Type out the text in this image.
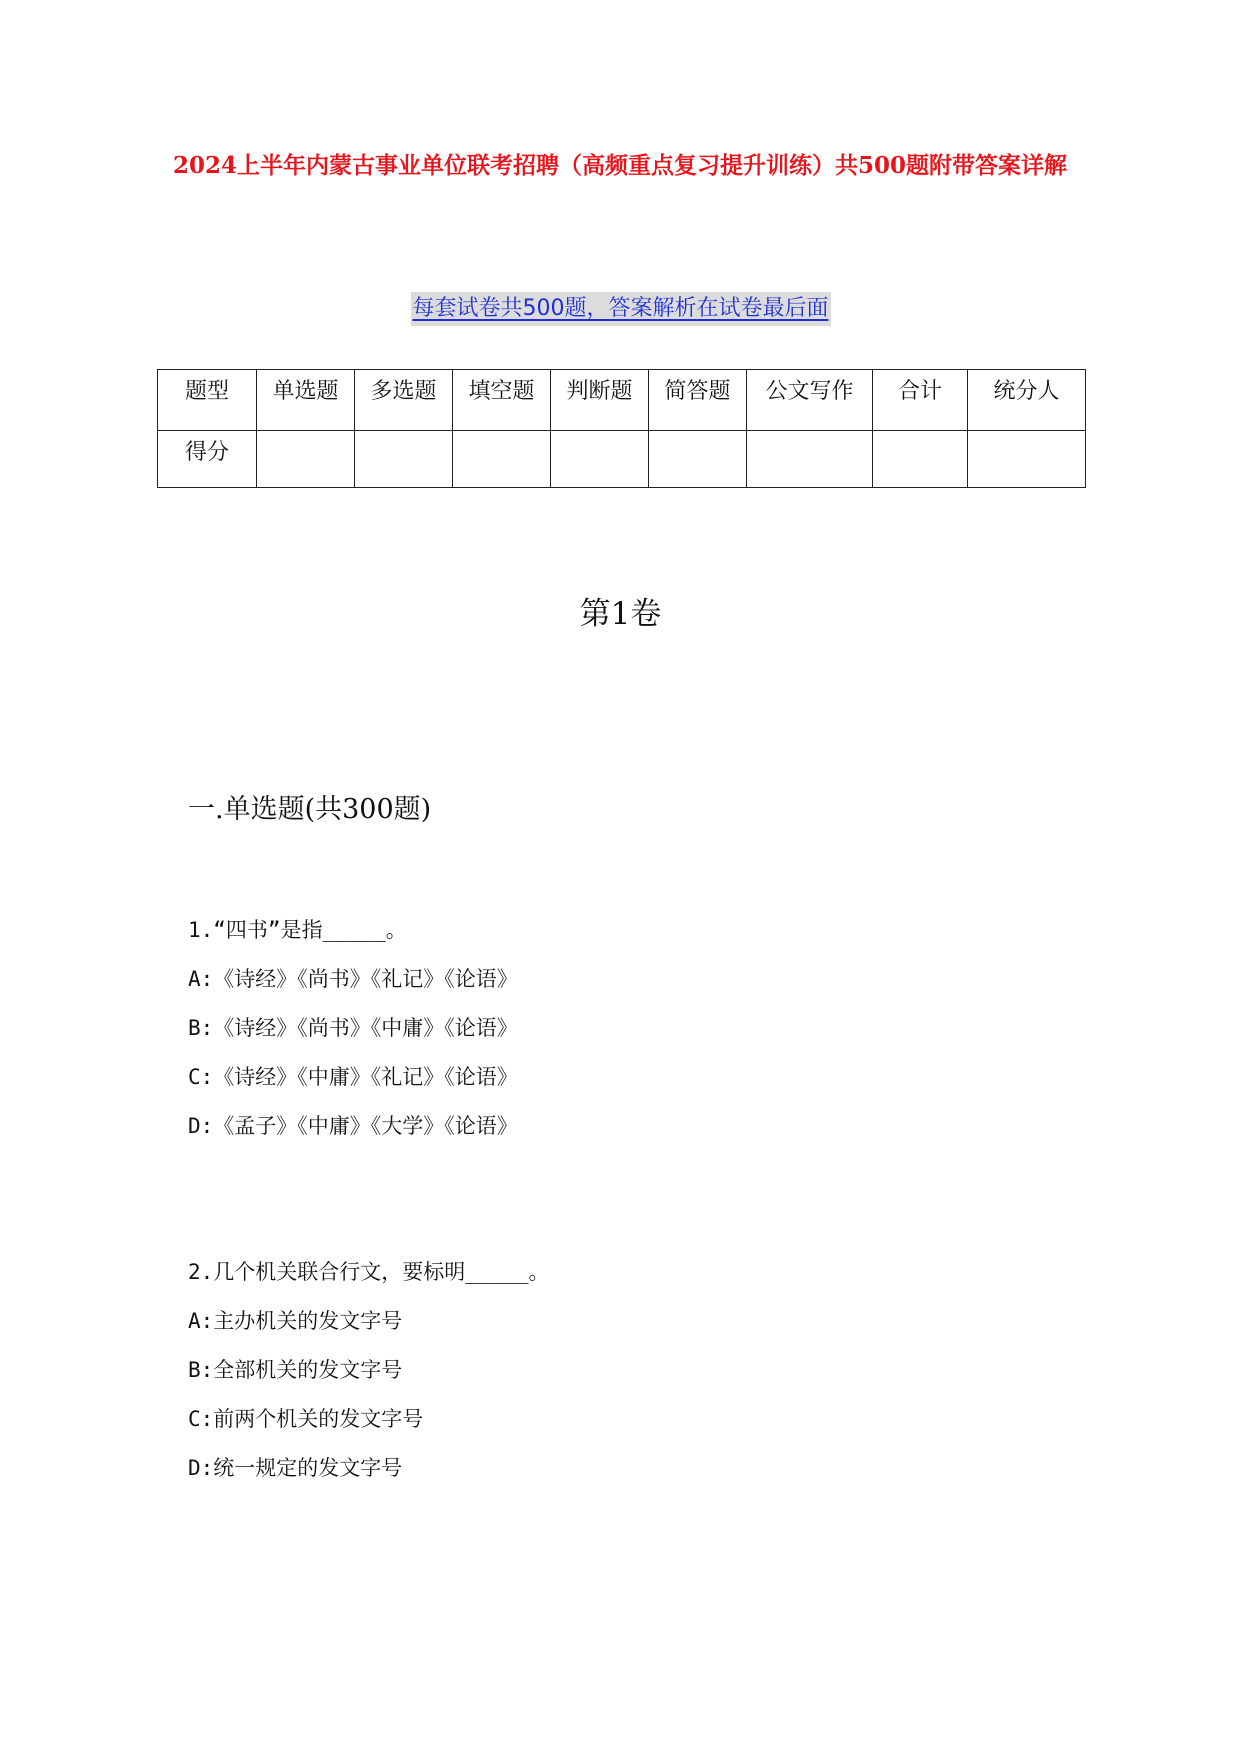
2024上半年内蒙古事业单位联考招聘（高频重点复习提升训练）共500题附带答案详解
每套试卷共500题，答案解析在试卷最后面
题型	单选题	多选题	填空题	判断题	简答题	公文写作	合计	统分人
得分								
第1卷
一.单选题(共300题)
1.“四书”是指_____。
A:《诗经》《尚书》《礼记》《论语》
B:《诗经》《尚书》《中庸》《论语》
C:《诗经》《中庸》《礼记》《论语》
D:《孟子》《中庸》《大学》《论语》
2.几个机关联合行文，要标明_____。
A:主办机关的发文字号
B:全部机关的发文字号
C:前两个机关的发文字号
D:统一规定的发文字号
